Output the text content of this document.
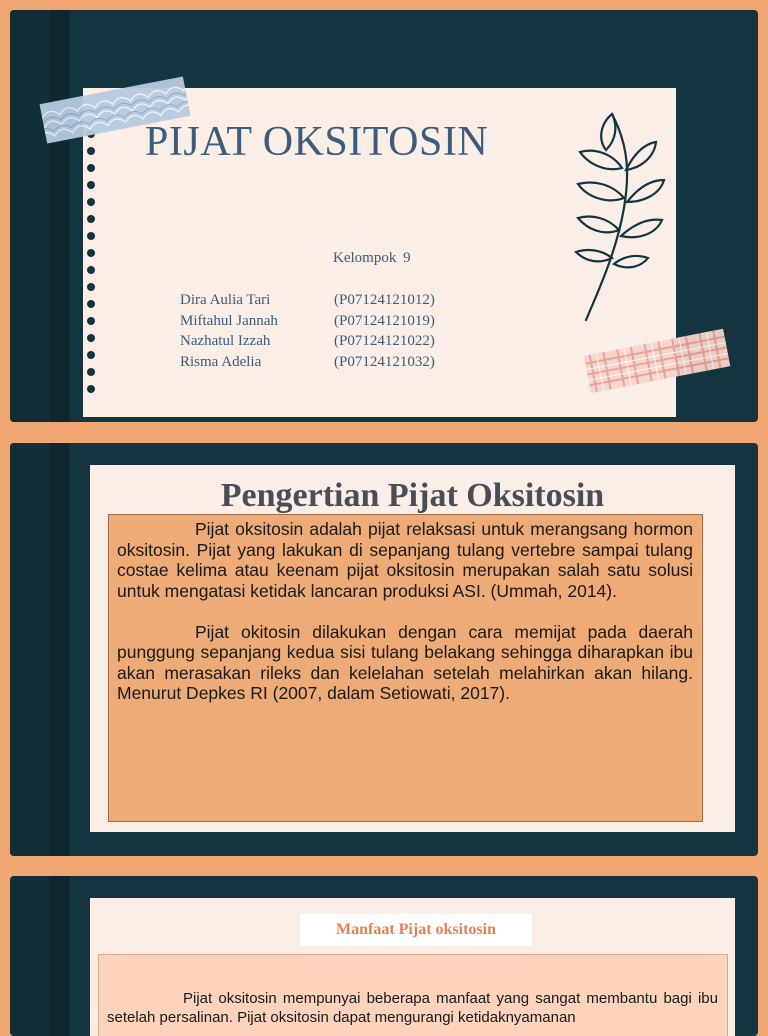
PIJAT OKSITOSIN
Kelompok 9
Dira Aulia Tari	(P07124121012)
Miftahul Jannah	(P07124121019)
Nazhatul Izzah	(P07124121022)
Risma Adelia	(P07124121032)
Pengertian Pijat Oksitosin

Pijat oksitosin adalah pijat relaksasi untuk merangsang hormon oksitosin. Pijat yang lakukan di sepanjang tulang vertebre sampai tulang costae kelima atau keenam pijat oksitosin merupakan salah satu solusi untuk mengatasi ketidak lancaran produksi ASI. (Ummah, 2014).

Pijat okitosin dilakukan dengan cara memijat pada daerah punggung sepanjang kedua sisi tulang belakang sehingga diharapkan ibu akan merasakan rileks dan kelelahan setelah melahirkan akan hilang. Menurut Depkes RI (2007, dalam Setiowati, 2017).

Manfaat Pijat oksitosin

Pijat oksitosin mempunyai beberapa manfaat yang sangat membantu bagi ibu setelah persalinan. Pijat oksitosin dapat mengurangi ketidaknyamanan
